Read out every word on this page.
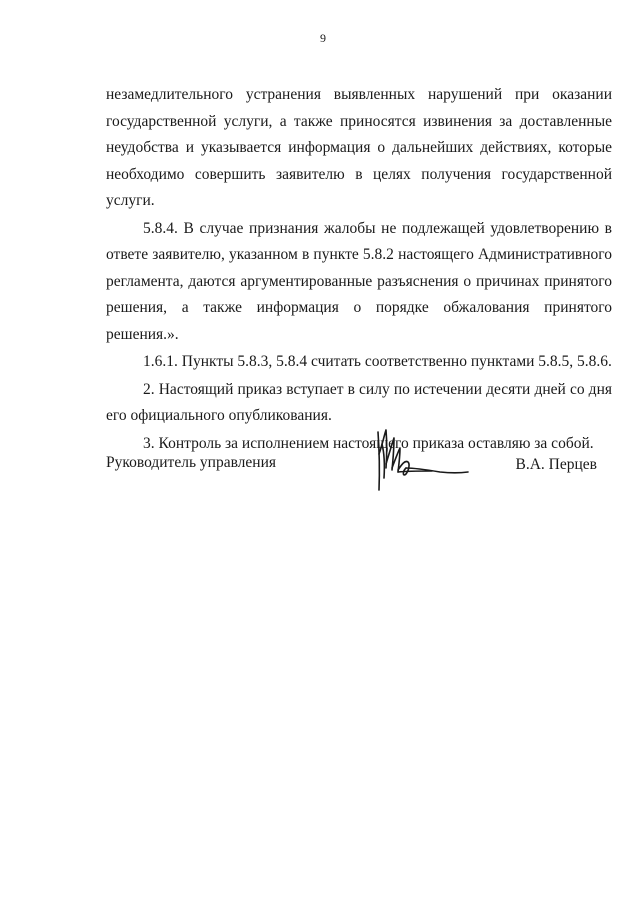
9

незамедлительного устранения выявленных нарушений при оказании государственной услуги, а также приносятся извинения за доставленные неудобства и указывается информация о дальнейших действиях, которые необходимо совершить заявителю в целях получения государственной услуги.

5.8.4. В случае признания жалобы не подлежащей удовлетворению в ответе заявителю, указанном в пункте 5.8.2 настоящего Административного регламента, даются аргументированные разъяснения о причинах принятого решения, а также информация о порядке обжалования принятого решения.».

1.6.1. Пункты 5.8.3, 5.8.4 считать соответственно пунктами 5.8.5, 5.8.6.

2. Настоящий приказ вступает в силу по истечении десяти дней со дня его официального опубликования.

3. Контроль за исполнением настоящего приказа оставляю за собой.

Руководитель управления	В.А. Перцев
